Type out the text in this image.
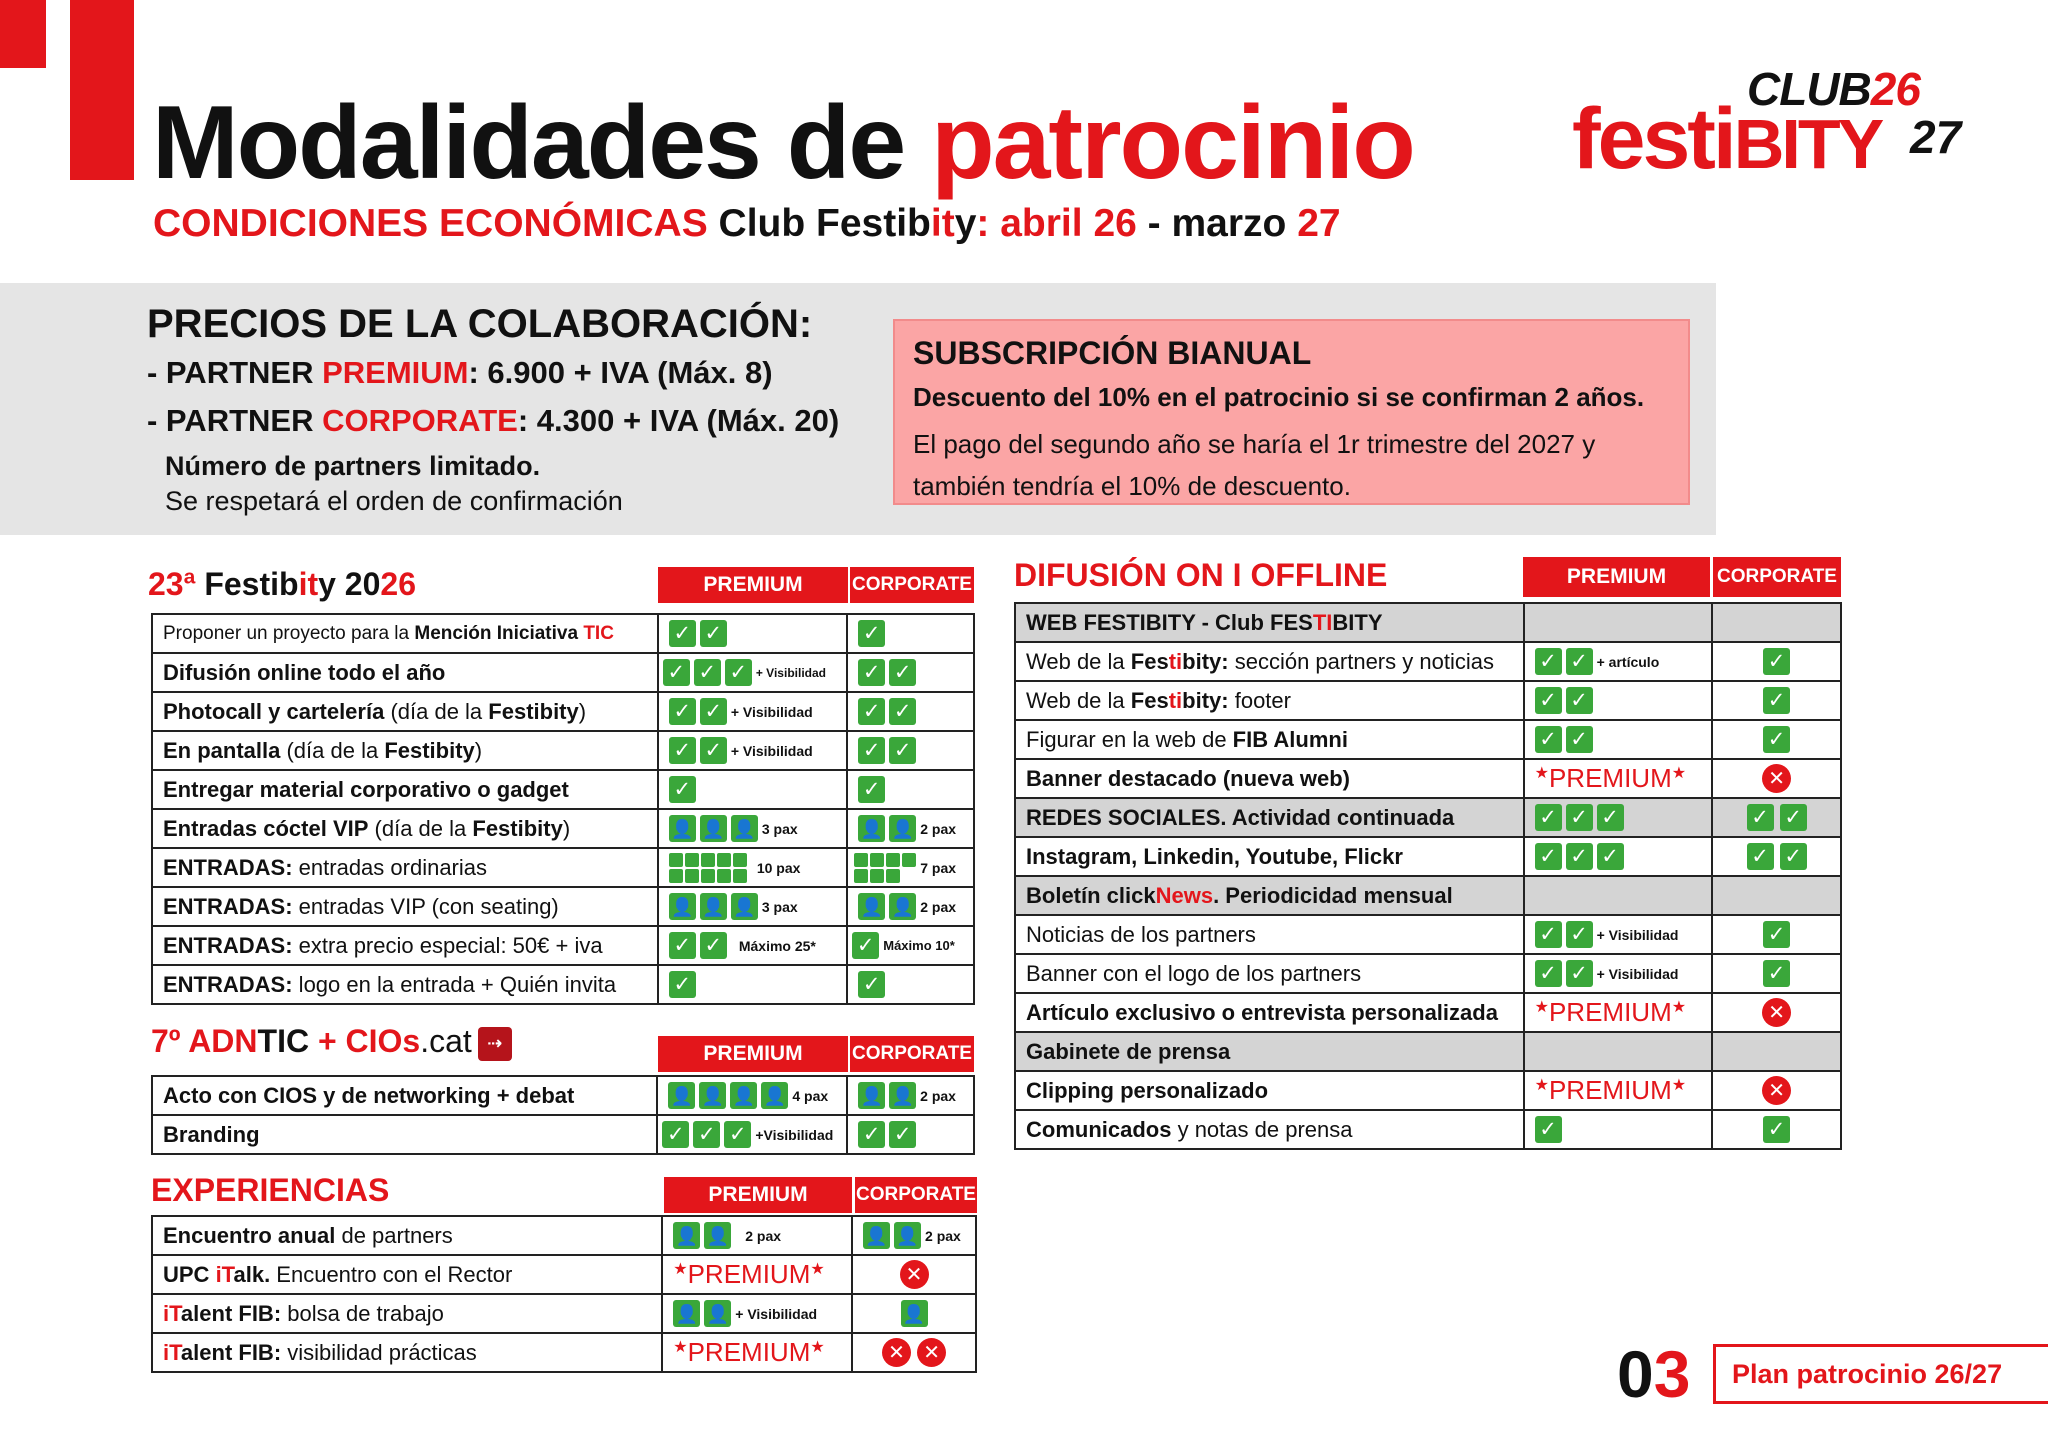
Modalidades de patrocinio
CONDICIONES ECONÓMICAS Club Festibity: abril 26 - marzo 27
CLUB26
festiBITY 27
PRECIOS DE LA COLABORACIÓN:
- PARTNER PREMIUM: 6.900 + IVA (Máx. 8)
- PARTNER CORPORATE: 4.300 + IVA (Máx. 20)
Número de partners limitado.
Se respetará el orden de confirmación
SUBSCRIPCIÓN BIANUAL
Descuento del 10% en el patrocinio si se confirman 2 años.
El pago del segundo año se haría el 1r trimestre del 2027 y también tendría el 10% de descuento.
23ª Festibity 2026	PREMIUM	CORPORATE
Proponer un proyecto para la Mención Iniciativa TIC	✓ ✓	✓

Difusión online todo el año	✓ ✓ ✓ + Visibilidad	✓ ✓

Photocall y cartelería (día de la Festibity)	✓ ✓ + Visibilidad	✓ ✓

En pantalla (día de la Festibity)	✓ ✓ + Visibilidad	✓ ✓

Entregar material corporativo o gadget	✓	✓

Entradas cóctel VIP (día de la Festibity)	👤 👤 👤 3 pax	👤 👤 2 pax

ENTRADAS: entradas ordinarias	10 pax	7 pax

ENTRADAS: entradas VIP (con seating)	👤 👤 👤 3 pax	👤 👤 2 pax

ENTRADAS: extra precio especial: 50€ + iva	✓ ✓ Máximo 25*	✓ Máximo 10*

ENTRADAS: logo en la entrada + Quién invita	✓	✓
7º ADNTIC + CIOs.cat ⇢	PREMIUM	CORPORATE
Acto con CIOS y de networking + debat	👤 👤 👤 👤 4 pax	👤 👤 2 pax

Branding	✓ ✓ ✓ +Visibilidad	✓ ✓
EXPERIENCIAS	PREMIUM	CORPORATE
Encuentro anual de partners	👤 👤 2 pax	👤 👤 2 pax

UPC iTalk. Encuentro con el Rector	★PREMIUM★	✕
iTalent FIB: bolsa de trabajo	👤 👤 + Visibilidad	👤
iTalent FIB: visibilidad prácticas	★PREMIUM★	✕ ✕
DIFUSIÓN ON I OFFLINE	PREMIUM	CORPORATE
WEB FESTIBITY - Club FESTIBITY		
Web de la Festibity: sección partners y noticias	✓ ✓ + artículo	✓
Web de la Festibity: footer	✓ ✓	✓
Figurar en la web de FIB Alumni	✓ ✓	✓
Banner destacado (nueva web)	★PREMIUM★	✕
REDES SOCIALES. Actividad continuada	✓ ✓ ✓	✓ ✓
Instagram, Linkedin, Youtube, Flickr	✓ ✓ ✓	✓ ✓
Boletín clickNews. Periodicidad mensual		
Noticias de los partners	✓ ✓ + Visibilidad	✓
Banner con el logo de los partners	✓ ✓ + Visibilidad	✓
Artículo exclusivo o entrevista personalizada	★PREMIUM★	✕
Gabinete de prensa		
Clipping personalizado	★PREMIUM★	✕
Comunicados y notas de prensa	✓	✓
03	Plan patrocinio 26/27
